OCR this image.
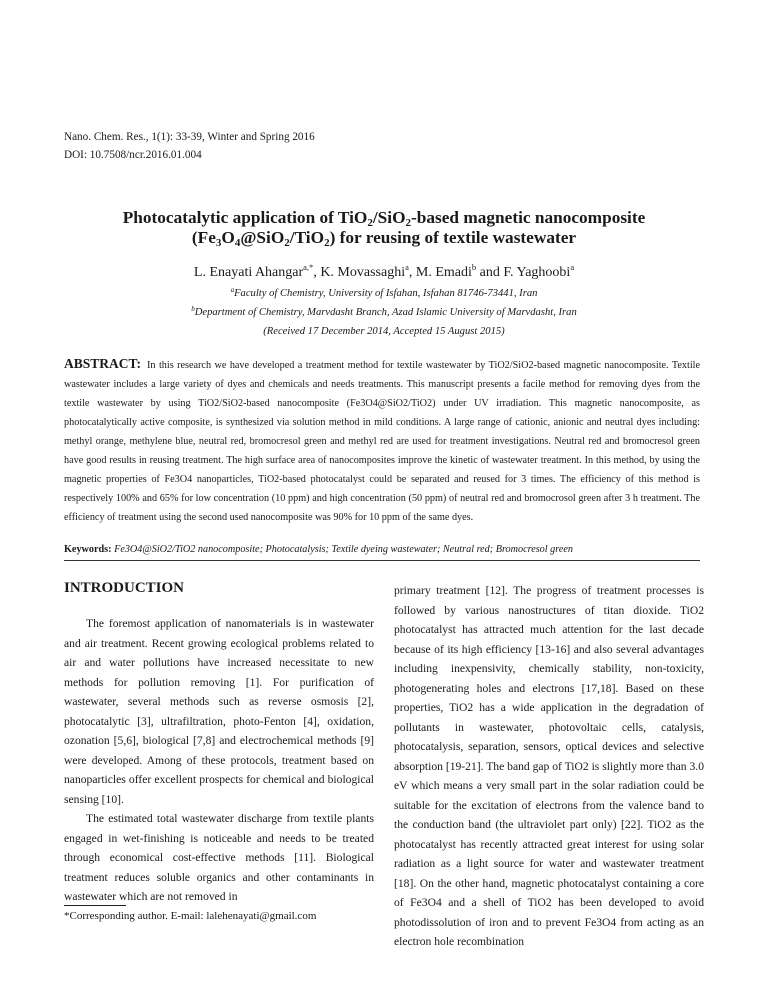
Nano. Chem. Res., 1(1): 33-39, Winter and Spring 2016
DOI: 10.7508/ncr.2016.01.004
Photocatalytic application of TiO$_2$/SiO$_2$-based magnetic nanocomposite
$(Fe_3O_4@SiO_2/TiO_2)$ for reusing of textile wastewater
L. Enayati Ahangar$^{a,*}$, K. Movassaghi$^a$, M. Emadi$^b$ and F. Yaghoobi$^a$
$^a$Faculty of Chemistry, University of Isfahan, Isfahan 81746-73441, Iran
$^b$Department of Chemistry, Marvdasht Branch, Azad Islamic University of Marvdasht, Iran
(Received 17 December 2014, Accepted 15 August 2015)
ABSTRACT: In this research we have developed a treatment method for textile wastewater by TiO2/SiO2-based magnetic nanocomposite. Textile wastewater includes a large variety of dyes and chemicals and needs treatments. This manuscript presents a facile method for removing dyes from the textile wastewater by using TiO2/SiO2-based nanocomposite (Fe3O4@SiO2/TiO2) under UV irradiation. This magnetic nanocomposite, as photocatalytically active composite, is synthesized via solution method in mild conditions. A large range of cationic, anionic and neutral dyes including: methyl orange, methylene blue, neutral red, bromocresol green and methyl red are used for treatment investigations. Neutral red and bromocresol green have good results in reusing treatment. The high surface area of nanocomposites improve the kinetic of wastewater treatment. In this method, by using the magnetic properties of Fe3O4 nanoparticles, TiO2-based photocatalyst could be separated and reused for 3 times. The efficiency of this method is respectively 100% and 65% for low concentration (10 ppm) and high concentration (50 ppm) of neutral red and bromocrosol green after 3 h treatment. The efficiency of treatment using the second used nanocomposite was 90% for 10 ppm of the same dyes.
Keywords: Fe3O4@SiO2/TiO2 nanocomposite; Photocatalysis; Textile dyeing wastewater; Neutral red; Bromocresol green
INTRODUCTION

The foremost application of nanomaterials is in wastewater and air treatment. Recent growing ecological problems related to air and water pollutions have increased necessitate to new methods for pollution removing [1]. For purification of wastewater, several methods such as reverse osmosis [2], photocatalytic [3], ultrafiltration, photo-Fenton [4], oxidation, ozonation [5,6], biological [7,8] and electrochemical methods [9] were developed. Among of these protocols, treatment based on nanoparticles offer excellent prospects for chemical and biological sensing [10].

The estimated total wastewater discharge from textile plants engaged in wet-finishing is noticeable and needs to be treated through economical cost-effective methods [11]. Biological treatment reduces soluble organics and other contaminants in wastewater which are not removed in

primary treatment [12]. The progress of treatment processes is followed by various nanostructures of titan dioxide. TiO2 photocatalyst has attracted much attention for the last decade because of its high efficiency [13-16] and also several advantages including inexpensivity, chemically stability, non-toxicity, photogenerating holes and electrons [17,18]. Based on these properties, TiO2 has a wide application in the degradation of pollutants in wastewater, photovoltaic cells, catalysis, photocatalysis, separation, sensors, optical devices and selective absorption [19-21]. The band gap of TiO2 is slightly more than 3.0 eV which means a very small part in the solar radiation could be suitable for the excitation of electrons from the valence band to the conduction band (the ultraviolet part only) [22]. TiO2 as the photocatalyst has recently attracted great interest for using solar radiation as a light source for water and wastewater treatment [18]. On the other hand, magnetic photocatalyst containing a core of Fe3O4 and a shell of TiO2 has been developed to avoid photodissolution of iron and to prevent Fe3O4 from acting as an electron hole recombination

*Corresponding author. E-mail: lalehenayati@gmail.com
